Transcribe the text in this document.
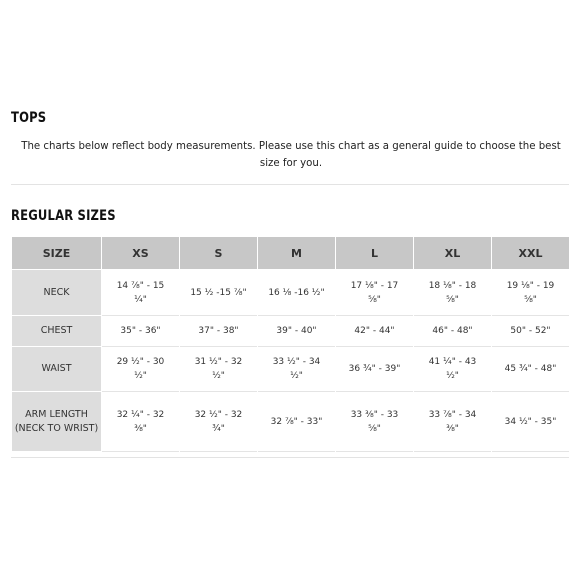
TOPS

The charts below reflect body measurements. Please use this chart as a general guide to choose the best size for you.

REGULAR SIZES
SIZE	XS	S	M	L	XL	XXL
NECK	14 ⅞" - 15 ¼"	15 ½ -15 ⅞"	16 ⅛ -16 ½"	17 ⅛" - 17 ⅝"	18 ⅛" - 18 ⅝"	19 ⅛" - 19 ⅝"
CHEST	35" - 36"	37" - 38"	39" - 40"	42" - 44"	46" - 48"	50" - 52"
WAIST	29 ½" - 30 ½"	31 ½" - 32 ½"	33 ½" - 34 ½"	36 ¾" - 39"	41 ¼" - 43 ½"	45 ¾" - 48"
ARM LENGTH (NECK TO WRIST)	32 ¼" - 32 ⅜"	32 ½" - 32 ¾"	32 ⅞" - 33"	33 ⅜" - 33 ⅝"	33 ⅞" - 34 ⅜"	34 ½" - 35"
